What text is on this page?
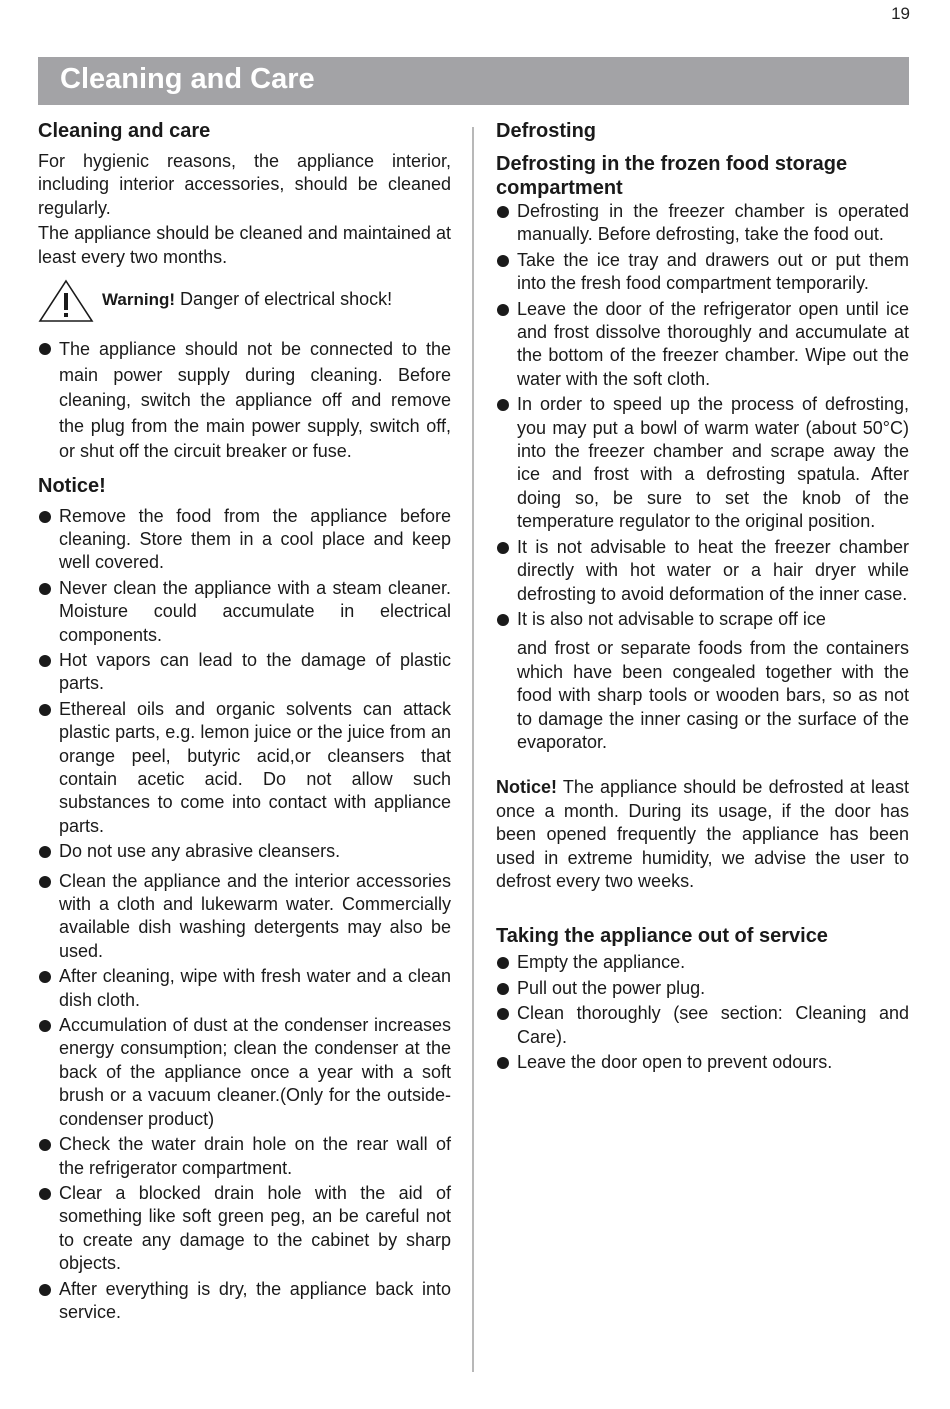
19
Cleaning and Care
Cleaning and care

For hygienic reasons, the appliance interior, including interior accessories, should be cleaned regularly.

The appliance should be cleaned and maintained at least every two months.

Warning! Danger of electrical shock!
The appliance should not be connected to the main power supply during cleaning. Before cleaning, switch the appliance off and remove the plug from the main power supply, switch off, or shut off the circuit breaker or fuse.
Notice!
Remove the food from the appliance before cleaning. Store them in a cool place and keep well covered.
Never clean the appliance with a steam cleaner. Moisture could accumulate in electrical components.
Hot vapors can lead to the damage of plastic parts.
Ethereal oils and organic solvents can attack plastic parts, e.g. lemon juice or the juice from an orange peel, butyric acid,or cleansers that contain acetic acid. Do not allow such substances to come into contact with appliance parts.
Do not use any abrasive cleansers.
Clean the appliance and the interior accessories with a cloth and lukewarm water. Commercially available dish washing detergents may also be used.
After cleaning, wipe with fresh water and a clean dish cloth.
Accumulation of dust at the condenser increases energy consumption; clean the condenser at the back of the appliance once a year with a soft brush or a vacuum cleaner.(Only for the outside-condenser product)
Check the water drain hole on the rear wall of the refrigerator compartment.
Clear a blocked drain hole with the aid of something like soft green peg, an be careful not to create any damage to the cabinet by sharp objects.
After everything is dry, the appliance back into service.
Defrosting
Defrosting in the frozen food storage compartment
Defrosting in the freezer chamber is operated manually. Before defrosting, take the food out.
Take the ice tray and drawers out or put them into the fresh food compartment temporarily.
Leave the door of the refrigerator open until ice and frost dissolve thoroughly and accumulate at the bottom of the freezer chamber. Wipe out the water with the soft cloth.
In order to speed up the process of defrosting, you may put a bowl of warm water (about 50°C) into the freezer chamber and scrape away the ice and frost with a defrosting spatula. After doing so, be sure to set the knob of the temperature regulator to the original position.
It is not advisable to heat the freezer chamber directly with hot water or a hair dryer while defrosting to avoid deformation of the inner case.
It is also not advisable to scrape off ice

and frost or separate foods from the containers which have been congealed together with the food with sharp tools or wooden bars, so as not to damage the inner casing or the surface of the evaporator.

Notice! The appliance should be defrosted at least once a month. During its usage, if the door has been opened frequently the appliance has been used in extreme humidity, we advise the user to defrost every two weeks.

Taking the appliance out of service
Empty the appliance.
Pull out the power plug.
Clean thoroughly (see section: Cleaning and Care).
Leave the door open to prevent odours.
